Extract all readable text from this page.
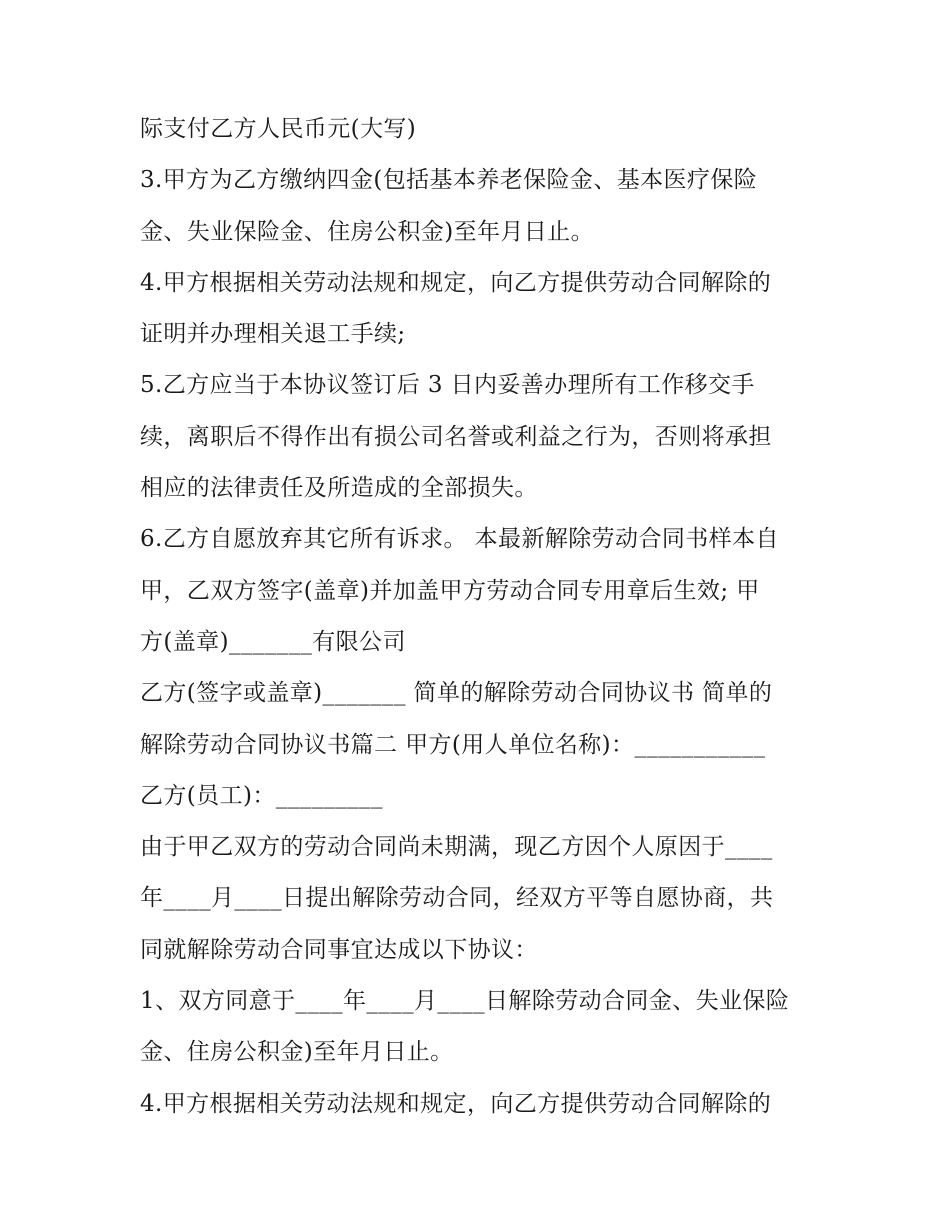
际支付乙方人民币元(大写)
3.甲方为乙方缴纳四金(包括基本养老保险金、基本医疗保险
金、失业保险金、住房公积金)至年月日止。
4.甲方根据相关劳动法规和规定，向乙方提供劳动合同解除的
证明并办理相关退工手续;
5.乙方应当于本协议签订后 3 日内妥善办理所有工作移交手
续，离职后不得作出有损公司名誉或利益之行为，否则将承担
相应的法律责任及所造成的全部损失。
6.乙方自愿放弃其它所有诉求。 本最新解除劳动合同书样本自
甲，乙双方签字(盖章)并加盖甲方劳动合同专用章后生效; 甲
方(盖章)_______有限公司
乙方(签字或盖章)_______ 简单的解除劳动合同协议书 简单的
解除劳动合同协议书篇二 甲方(用人单位名称)：___________
乙方(员工)：_________
由于甲乙双方的劳动合同尚未期满，现乙方因个人原因于____
年____月____日提出解除劳动合同，经双方平等自愿协商，共
同就解除劳动合同事宜达成以下协议：
1、双方同意于____年____月____日解除劳动合同金、失业保险
金、住房公积金)至年月日止。
4.甲方根据相关劳动法规和规定，向乙方提供劳动合同解除的
